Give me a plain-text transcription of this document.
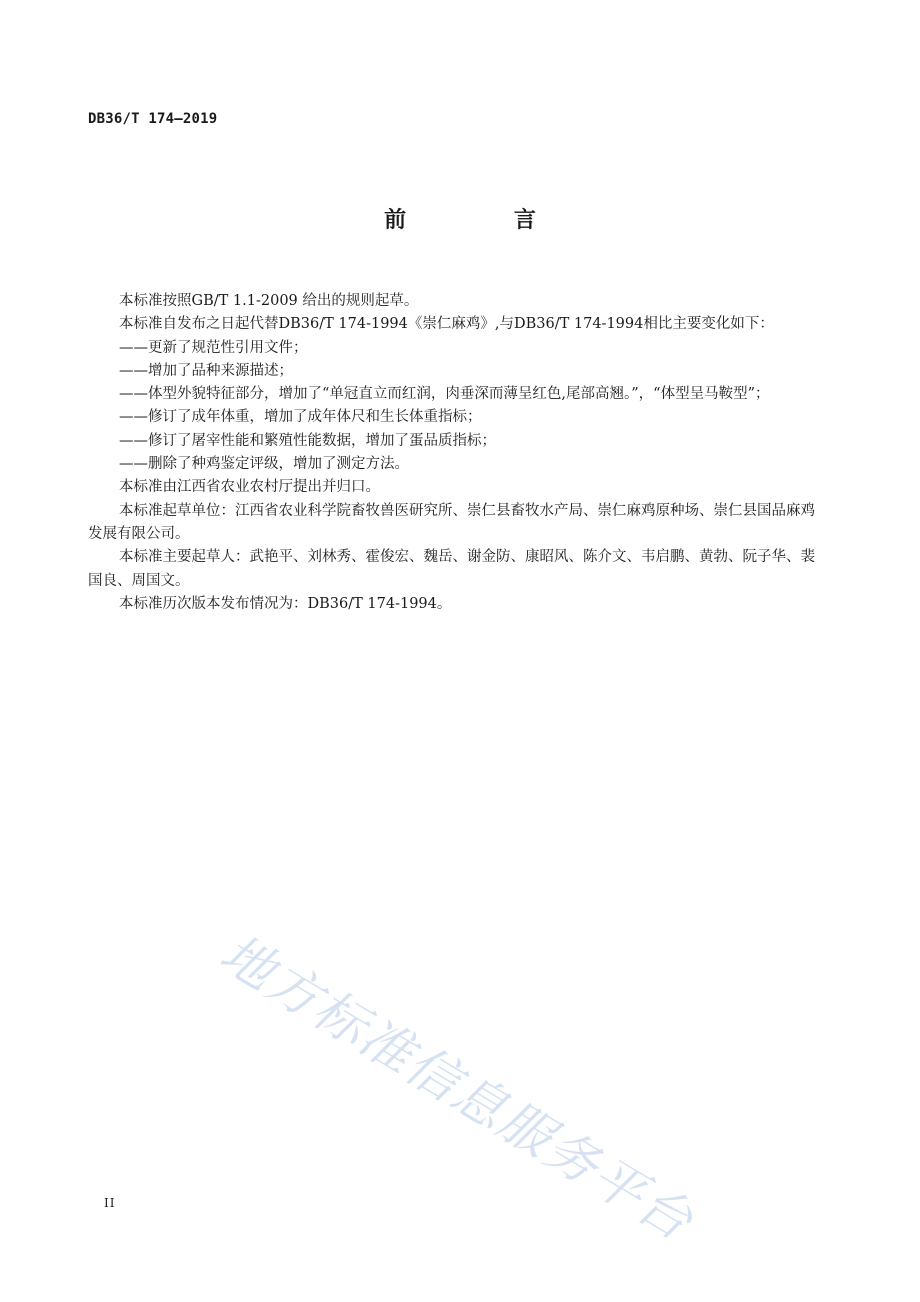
DB36/T 174—2019
前 言

本标准按照GB/T 1.1-2009 给出的规则起草。

本标准自发布之日起代替DB36/T 174-1994《崇仁麻鸡》,与DB36/T 174-1994相比主要变化如下：

——更新了规范性引用文件；

——增加了品种来源描述；

——体型外貌特征部分，增加了“单冠直立而红润，肉垂深而薄呈红色,尾部高翘。”，“体型呈马鞍型”；

——修订了成年体重，增加了成年体尺和生长体重指标；

——修订了屠宰性能和繁殖性能数据，增加了蛋品质指标；

——删除了种鸡鉴定评级，增加了测定方法。

本标准由江西省农业农村厅提出并归口。

本标准起草单位：江西省农业科学院畜牧兽医研究所、崇仁县畜牧水产局、崇仁麻鸡原种场、崇仁县国品麻鸡发展有限公司。

本标准主要起草人：武艳平、刘林秀、霍俊宏、魏岳、谢金防、康昭风、陈介文、韦启鹏、黄勃、阮子华、裴国良、周国文。

本标准历次版本发布情况为：DB36/T 174-1994。

地方标准信息服务平台
II
